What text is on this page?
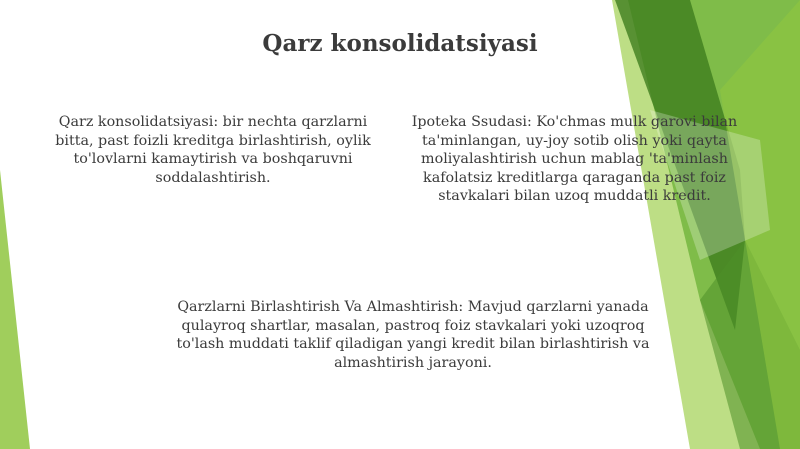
Qarz konsolidatsiyasi

Qarz konsolidatsiyasi: bir nechta qarzlarni bitta, past foizli kreditga birlashtirish, oylik to'lovlarni kamaytirish va boshqaruvni soddalashtirish.

Ipoteka Ssudasi: Ko'chmas mulk garovi bilan ta'minlangan, uy-joy sotib olish yoki qayta moliyalashtirish uchun mablag 'ta'minlash kafolatsiz kreditlarga qaraganda past foiz stavkalari bilan uzoq muddatli kredit.

Qarzlarni Birlashtirish Va Almashtirish: Mavjud qarzlarni yanada qulayroq shartlar, masalan, pastroq foiz stavkalari yoki uzoqroq to'lash muddati taklif qiladigan yangi kredit bilan birlashtirish va almashtirish jarayoni.
